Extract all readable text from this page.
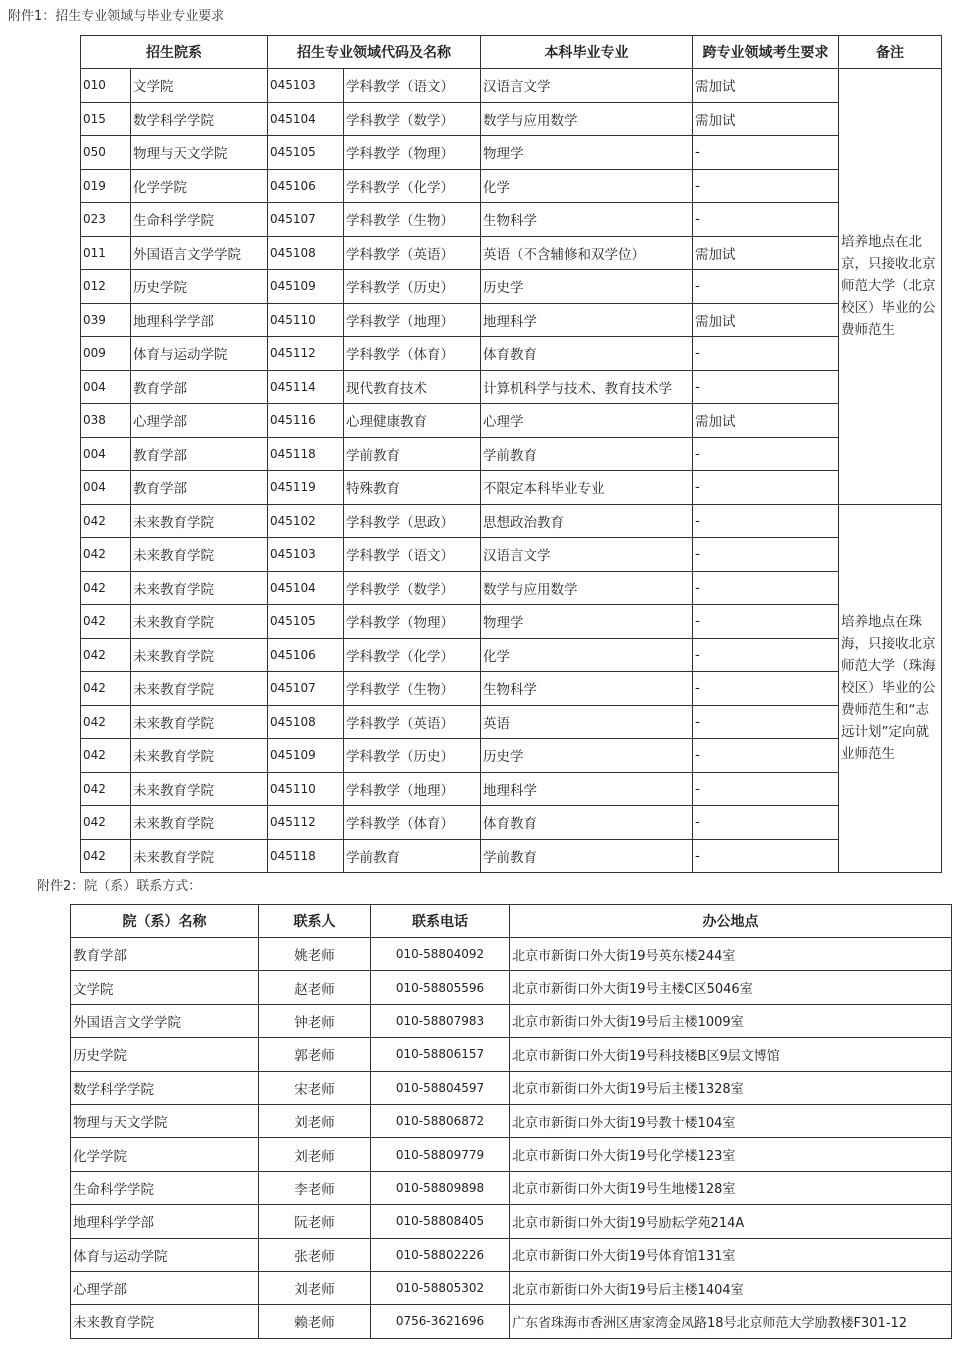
附件1：招生专业领域与毕业专业要求
招生院系		招生专业领域代码及名称		本科毕业专业	跨专业领域考生要求	备注
010	文学院	045103	学科教学（语文）	汉语言文学	需加试	培养地点在北京，只接收北京师范大学（北京校区）毕业的公费师范生
015	数学科学学院	045104	学科教学（数学）	数学与应用数学	需加试	
050	物理与天文学院	045105	学科教学（物理）	物理学	-	
019	化学学院	045106	学科教学（化学）	化学	-	
023	生命科学学院	045107	学科教学（生物）	生物科学	-	
011	外国语言文学学院	045108	学科教学（英语）	英语（不含辅修和双学位）	需加试	
012	历史学院	045109	学科教学（历史）	历史学	-	
039	地理科学学部	045110	学科教学（地理）	地理科学	需加试	
009	体育与运动学院	045112	学科教学（体育）	体育教育	-	
004	教育学部	045114	现代教育技术	计算机科学与技术、教育技术学	-	
038	心理学部	045116	心理健康教育	心理学	需加试	
004	教育学部	045118	学前教育	学前教育	-	
004	教育学部	045119	特殊教育	不限定本科毕业专业	-	
042	未来教育学院	045102	学科教学（思政）	思想政治教育	-	培养地点在珠海，只接收北京师范大学（珠海校区）毕业的公费师范生和“志远计划”定向就业师范生
042	未来教育学院	045103	学科教学（语文）	汉语言文学	-	
042	未来教育学院	045104	学科教学（数学）	数学与应用数学	-	
042	未来教育学院	045105	学科教学（物理）	物理学	-	
042	未来教育学院	045106	学科教学（化学）	化学	-	
042	未来教育学院	045107	学科教学（生物）	生物科学	-	
042	未来教育学院	045108	学科教学（英语）	英语	-	
042	未来教育学院	045109	学科教学（历史）	历史学	-	
042	未来教育学院	045110	学科教学（地理）	地理科学	-	
042	未来教育学院	045112	学科教学（体育）	体育教育	-	
042	未来教育学院	045118	学前教育	学前教育	-	
附件2：院（系）联系方式：
院（系）名称	联系人	联系电话	办公地点
教育学部	姚老师	010-58804092	北京市新街口外大街19号英东楼244室
文学院	赵老师	010-58805596	北京市新街口外大街19号主楼C区5046室
外国语言文学学院	钟老师	010-58807983	北京市新街口外大街19号后主楼1009室
历史学院	郭老师	010-58806157	北京市新街口外大街19号科技楼B区9层文博馆
数学科学学院	宋老师	010-58804597	北京市新街口外大街19号后主楼1328室
物理与天文学院	刘老师	010-58806872	北京市新街口外大街19号教十楼104室
化学学院	刘老师	010-58809779	北京市新街口外大街19号化学楼123室
生命科学学院	李老师	010-58809898	北京市新街口外大街19号生地楼128室
地理科学学部	阮老师	010-58808405	北京市新街口外大街19号励耘学苑214A
体育与运动学院	张老师	010-58802226	北京市新街口外大街19号体育馆131室
心理学部	刘老师	010-58805302	北京市新街口外大街19号后主楼1404室
未来教育学院	赖老师	0756-3621696	广东省珠海市香洲区唐家湾金凤路18号北京师范大学励教楼F301-12
